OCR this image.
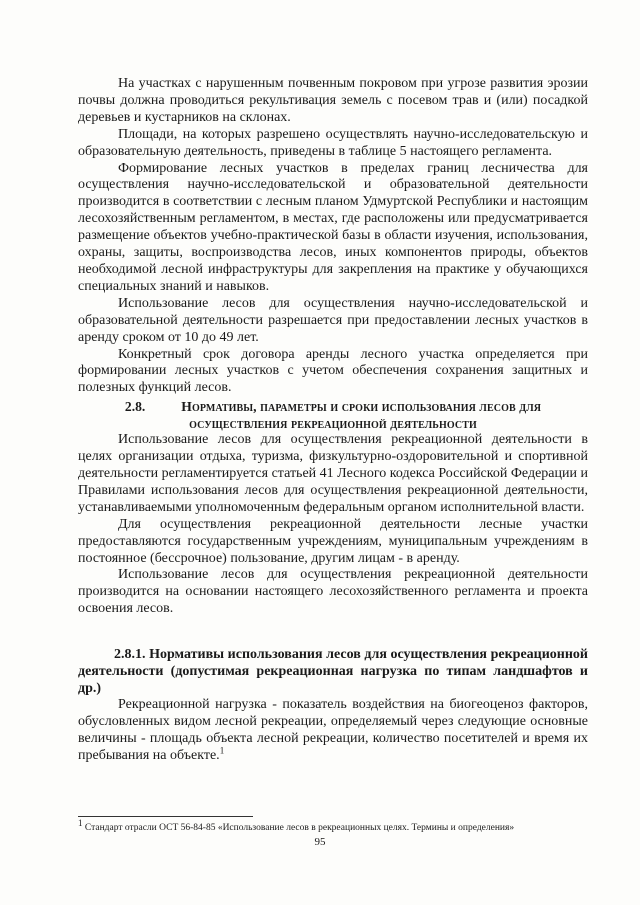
На участках с нарушенным почвенным покровом при угрозе развития эрозии почвы должна проводиться рекультивация земель с посевом трав и (или) посадкой деревьев и кустарников на склонах.

Площади, на которых разрешено осуществлять научно-исследовательскую и образовательную деятельность, приведены в таблице 5 настоящего регламента.

Формирование лесных участков в пределах границ лесничества для осуществления научно-исследовательской и образовательной деятельности производится в соответствии с лесным планом Удмуртской Республики и настоящим лесохозяйственным регламентом, в местах, где расположены или предусматривается размещение объектов учебно-практической базы в области изучения, использования, охраны, защиты, воспроизводства лесов, иных компонентов природы, объектов необходимой лесной инфраструктуры для закрепления на практике у обучающихся специальных знаний и навыков.

Использование лесов для осуществления научно-исследовательской и образовательной деятельности разрешается при предоставлении лесных участков в аренду сроком от 10 до 49 лет.

Конкретный срок договора аренды лесного участка определяется при формировании лесных участков с учетом обеспечения сохранения защитных и полезных функций лесов.

2.8.	Нормативы, параметры и сроки использования лесов для
осуществления рекреационной деятельности

Использование лесов для осуществления рекреационной деятельности в целях организации отдыха, туризма, физкультурно-оздоровительной и спортивной деятельности регламентируется статьей 41 Лесного кодекса Российской Федерации и Правилами использования лесов для осуществления рекреационной деятельности, устанавливаемыми уполномоченным федеральным органом исполнительной власти.

Для осуществления рекреационной деятельности лесные участки предоставляются государственным учреждениям, муниципальным учреждениям в постоянное (бессрочное) пользование, другим лицам - в аренду.

Использование лесов для осуществления рекреационной деятельности производится на основании настоящего лесохозяйственного регламента и проекта освоения лесов.

2.8.1. Нормативы использования лесов для осуществления рекреационной деятельности (допустимая рекреационная нагрузка по типам ландшафтов и др.)

Рекреационной нагрузка - показатель воздействия на биогеоценоз факторов, обусловленных видом лесной рекреации, определяемый через следующие основные величины - площадь объекта лесной рекреации, количество посетителей и время их пребывания на объекте.$^1$

$^1$ Стандарт отрасли ОСТ 56-84-85 «Использование лесов в рекреационных целях. Термины и определения»
95
